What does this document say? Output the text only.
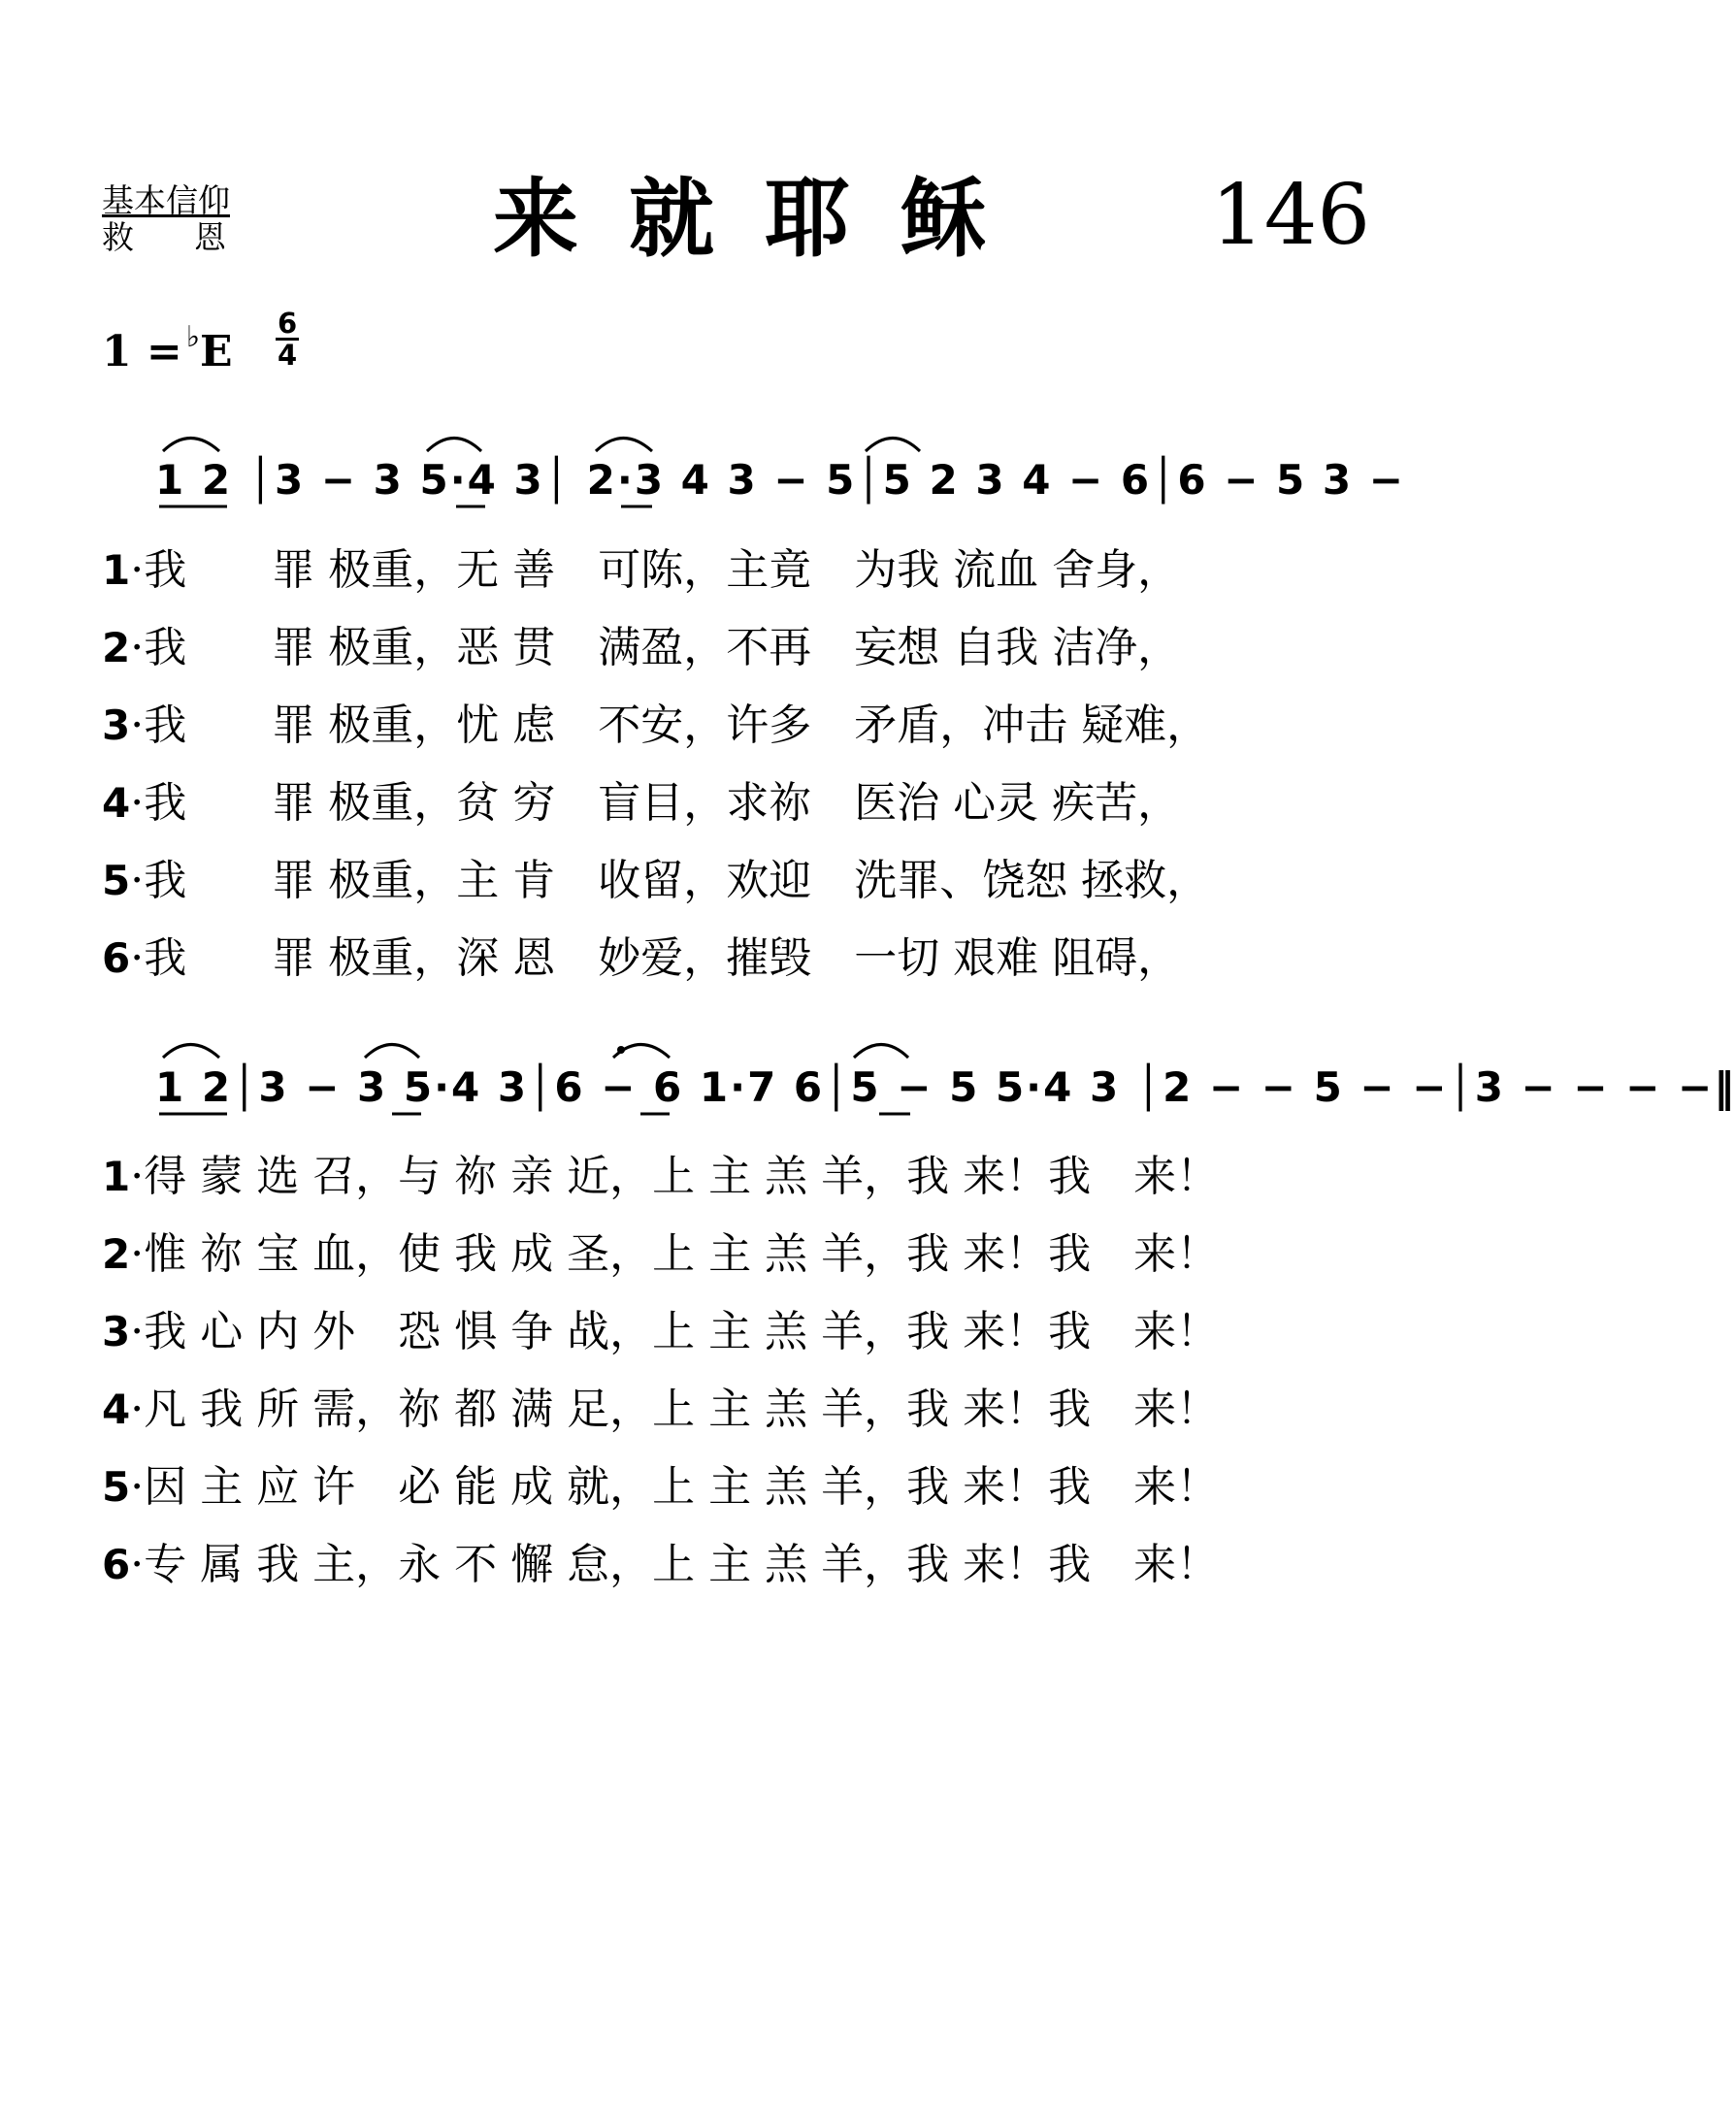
基本信仰
救恩 来就耶稣 146
1 = ♭E
6
4
1 2 │3 − 3 5·4 3│ 2·3 4 3 − 5│5 2 3 4 − 6│6 − 5 3 −
1·我　　罪 极重，无 善　可陈，主竟　为我 流血 舍身，
2·我　　罪 极重，恶 贯　满盈，不再　妄想 自我 洁净，
3·我　　罪 极重，忧 虑　不安，许多　矛盾，冲击 疑难，
4·我　　罪 极重，贫 穷　盲目，求祢　医治 心灵 疾苦，
5·我　　罪 极重，主 肯　收留，欢迎　洗罪、饶恕 拯救，
6·我　　罪 极重，深 恩　妙爱，摧毁　一切 艰难 阻碍，
1 2│3 − 3 5·4 3│6 − 6 1·7 6│5 − 5 5·4 3 │2 − − 5 − −│3 − − − −‖
1·得 蒙 选 召，与 祢 亲 近，上 主 羔 羊，我 来！我　来！
2·惟 祢 宝 血，使 我 成 圣，上 主 羔 羊，我 来！我　来！
3·我 心 内 外　恐 惧 争 战，上 主 羔 羊，我 来！我　来！
4·凡 我 所 需，祢 都 满 足，上 主 羔 羊，我 来！我　来！
5·因 主 应 许　必 能 成 就，上 主 羔 羊，我 来！我　来！
6·专 属 我 主，永 不 懈 怠，上 主 羔 羊，我 来！我　来！
